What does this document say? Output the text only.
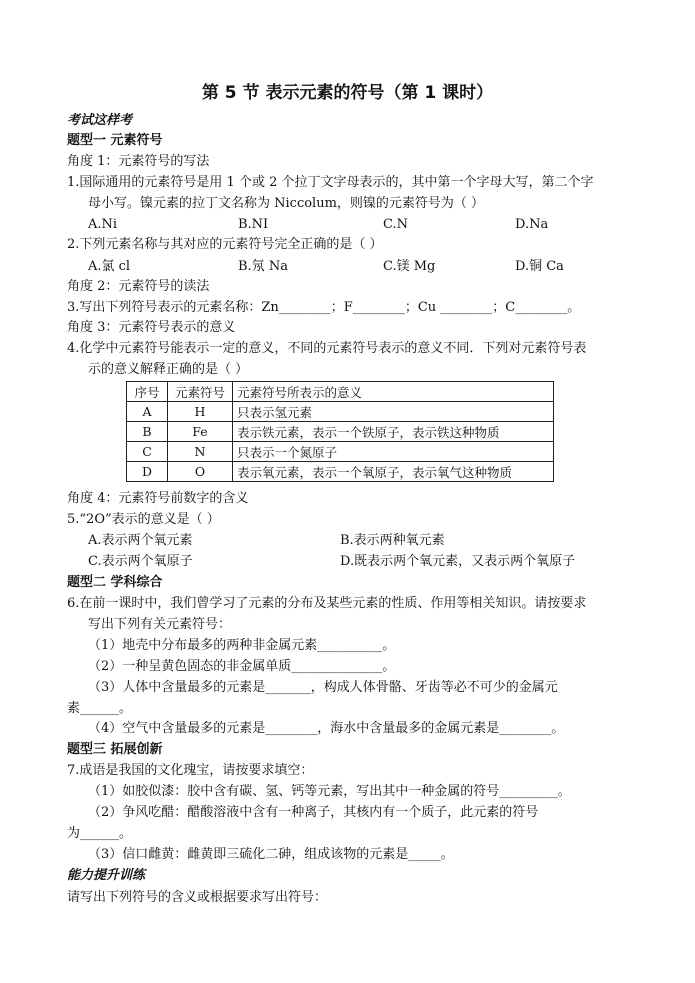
第 5 节 表示元素的符号（第 1 课时）
考试这样考
题型一 元素符号
角度 1：元素符号的写法
1.国际通用的元素符号是用 1 个或 2 个拉丁文字母表示的，其中第一个字母大写，第二个字
母小写。镍元素的拉丁文名称为 Niccolum，则镍的元素符号为（ ）
A.Ni	B.NI	C.N	D.Na
2.下列元素名称与其对应的元素符号完全正确的是（ ）
A.氯 cl	B.氖 Na	C.镁 Mg	D.铜 Ca
角度 2：元素符号的读法
3.写出下列符号表示的元素名称：Zn________；F________；Cu ________；C________。
角度 3：元素符号表示的意义
4.化学中元素符号能表示一定的意义，不同的元素符号表示的意义不同．下列对元素符号表
示的意义解释正确的是（ ）
序号	元素符号	元素符号所表示的意义
A	H	只表示氢元素
B	Fe	表示铁元素，表示一个铁原子，表示铁这种物质
C	N	只表示一个氮原子
D	O	表示氧元素，表示一个氧原子，表示氧气这种物质
角度 4：元素符号前数字的含义
5.“2O”表示的意义是（ ）
A.表示两个氧元素	B.表示两种氧元素
C.表示两个氧原子	D.既表示两个氧元素，又表示两个氧原子
题型二 学科综合
6.在前一课时中，我们曾学习了元素的分布及某些元素的性质、作用等相关知识。请按要求
写出下列有关元素符号：
（1）地壳中分布最多的两种非金属元素__________。
（2）一种呈黄色固态的非金属单质______________。
（3）人体中含量最多的元素是_______，构成人体骨骼、牙齿等必不可少的金属元
素______。
（4）空气中含量最多的元素是________，海水中含量最多的金属元素是________。
题型三 拓展创新
7.成语是我国的文化瑰宝，请按要求填空：
（1）如胶似漆：胶中含有碳、氢、钙等元素，写出其中一种金属的符号_________。
（2）争风吃醋：醋酸溶液中含有一种离子，其核内有一个质子，此元素的符号
为______。
（3）信口雌黄：雌黄即三硫化二砷，组成该物的元素是_____。
能力提升训练
请写出下列符号的含义或根据要求写出符号：
